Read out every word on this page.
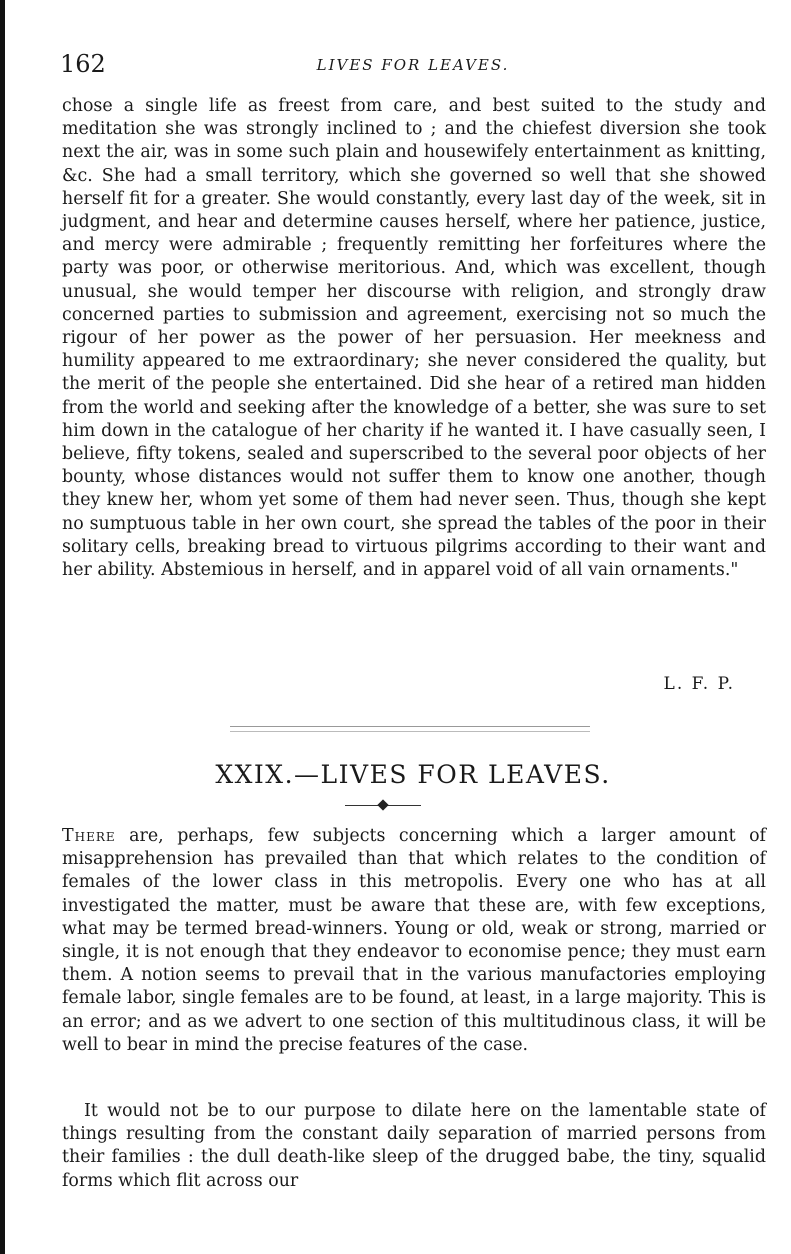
162	LIVES FOR LEAVES.
chose a single life as freest from care, and best suited to the study and meditation she was strongly inclined to ; and the chiefest diversion she took next the air, was in some such plain and housewifely entertainment as knitting, &c. She had a small territory, which she governed so well that she showed herself fit for a greater. She would constantly, every last day of the week, sit in judgment, and hear and determine causes herself, where her patience, justice, and mercy were admirable ; frequently remitting her forfeitures where the party was poor, or otherwise meritorious. And, which was excellent, though unusual, she would temper her discourse with religion, and strongly draw concerned parties to submission and agreement, exercising not so much the rigour of her power as the power of her persuasion. Her meekness and humility appeared to me extraordinary; she never considered the quality, but the merit of the people she entertained. Did she hear of a retired man hidden from the world and seeking after the knowledge of a better, she was sure to set him down in the catalogue of her charity if he wanted it. I have casually seen, I believe, fifty tokens, sealed and superscribed to the several poor objects of her bounty, whose distances would not suffer them to know one another, though they knew her, whom yet some of them had never seen. Thus, though she kept no sumptuous table in her own court, she spread the tables of the poor in their solitary cells, breaking bread to virtuous pilgrims according to their want and her ability. Abstemious in herself, and in apparel void of all vain ornaments."
L. F. P.
XXIX.—LIVES FOR LEAVES.
There are, perhaps, few subjects concerning which a larger amount of misapprehension has prevailed than that which relates to the condition of females of the lower class in this metropolis. Every one who has at all investigated the matter, must be aware that these are, with few exceptions, what may be termed bread-winners. Young or old, weak or strong, married or single, it is not enough that they endeavor to economise pence; they must earn them. A notion seems to prevail that in the various manufactories employing female labor, single females are to be found, at least, in a large majority. This is an error; and as we advert to one section of this multitudinous class, it will be well to bear in mind the precise features of the case.
It would not be to our purpose to dilate here on the lamentable state of things resulting from the constant daily separation of married persons from their families : the dull death-like sleep of the drugged babe, the tiny, squalid forms which flit across our
